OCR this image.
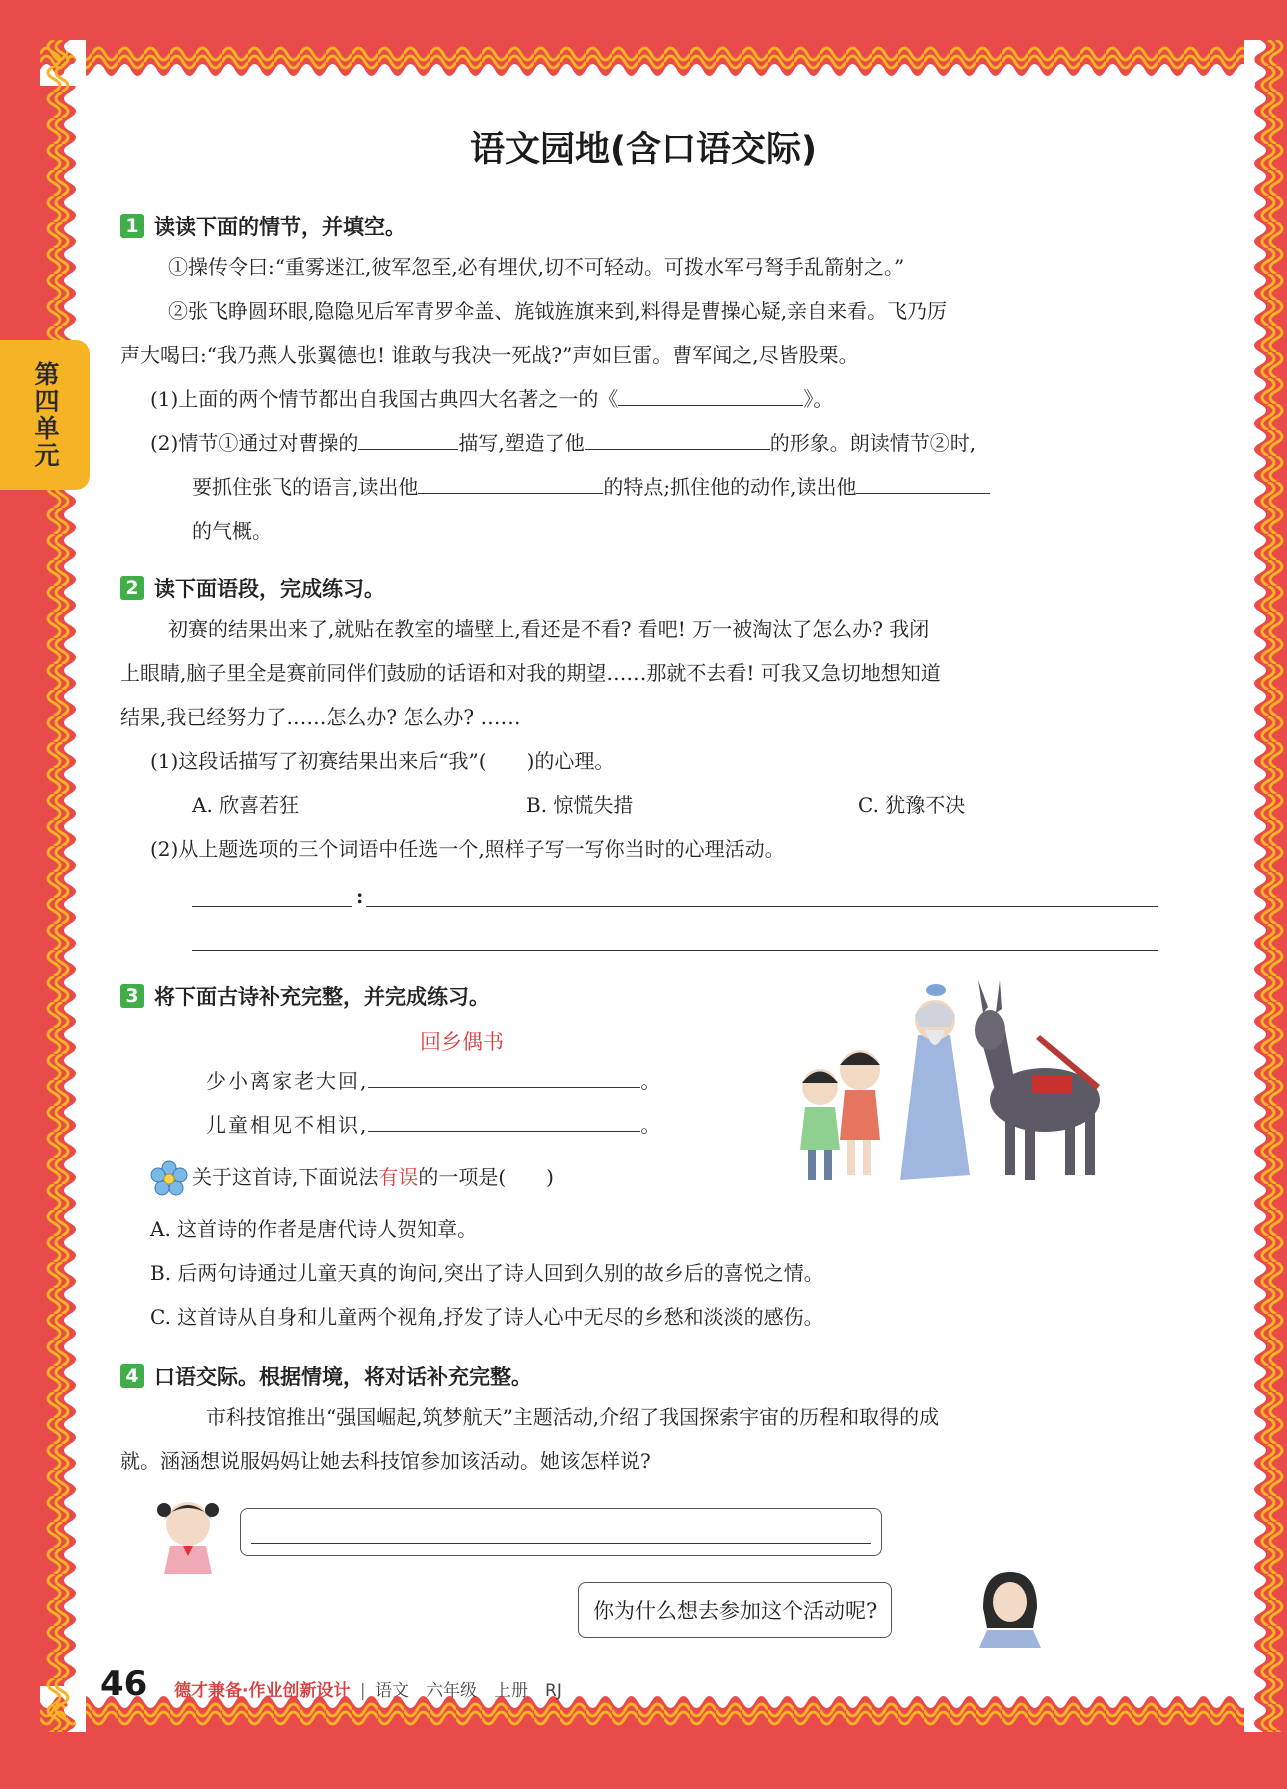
第四单元
语文园地(含口语交际)
1 读读下面的情节，并填空。
①操传令曰:“重雾迷江,彼军忽至,必有埋伏,切不可轻动。可拨水军弓弩手乱箭射之。”
②张飞睁圆环眼,隐隐见后军青罗伞盖、旄钺旌旗来到,料得是曹操心疑,亲自来看。飞乃厉
声大喝曰:“我乃燕人张翼德也! 谁敢与我决一死战?”声如巨雷。曹军闻之,尽皆股栗。
(1)上面的两个情节都出自我国古典四大名著之一的《	》。
(2)情节①通过对曹操的	描写,塑造了他	的形象。朗读情节②时,
要抓住张飞的语言,读出他	的特点;抓住他的动作,读出他
的气概。
2 读下面语段，完成练习。
初赛的结果出来了,就贴在教室的墙壁上,看还是不看? 看吧! 万一被淘汰了怎么办? 我闭
上眼睛,脑子里全是赛前同伴们鼓励的话语和对我的期望……那就不去看! 可我又急切地想知道
结果,我已经努力了……怎么办? 怎么办? ……
(1)这段话描写了初赛结果出来后“我”(　　)的心理。
A. 欣喜若狂	B. 惊慌失措	C. 犹豫不决
(2)从上题选项的三个词语中任选一个,照样子写一写你当时的心理活动。
:
3 将下面古诗补充完整，并完成练习。
回乡偶书
少小离家老大回,	。
儿童相见不相识,	。
关于这首诗,下面说法有误的一项是(　　)
A. 这首诗的作者是唐代诗人贺知章。
B. 后两句诗通过儿童天真的询问,突出了诗人回到久别的故乡后的喜悦之情。
C. 这首诗从自身和儿童两个视角,抒发了诗人心中无尽的乡愁和淡淡的感伤。
4 口语交际。根据情境，将对话补充完整。
市科技馆推出“强国崛起,筑梦航天”主题活动,介绍了我国探索宇宙的历程和取得的成
就。涵涵想说服妈妈让她去科技馆参加该活动。她该怎样说?
你为什么想去参加这个活动呢?
46 德才兼备·作业创新设计 | 语文　六年级　上册　RJ
